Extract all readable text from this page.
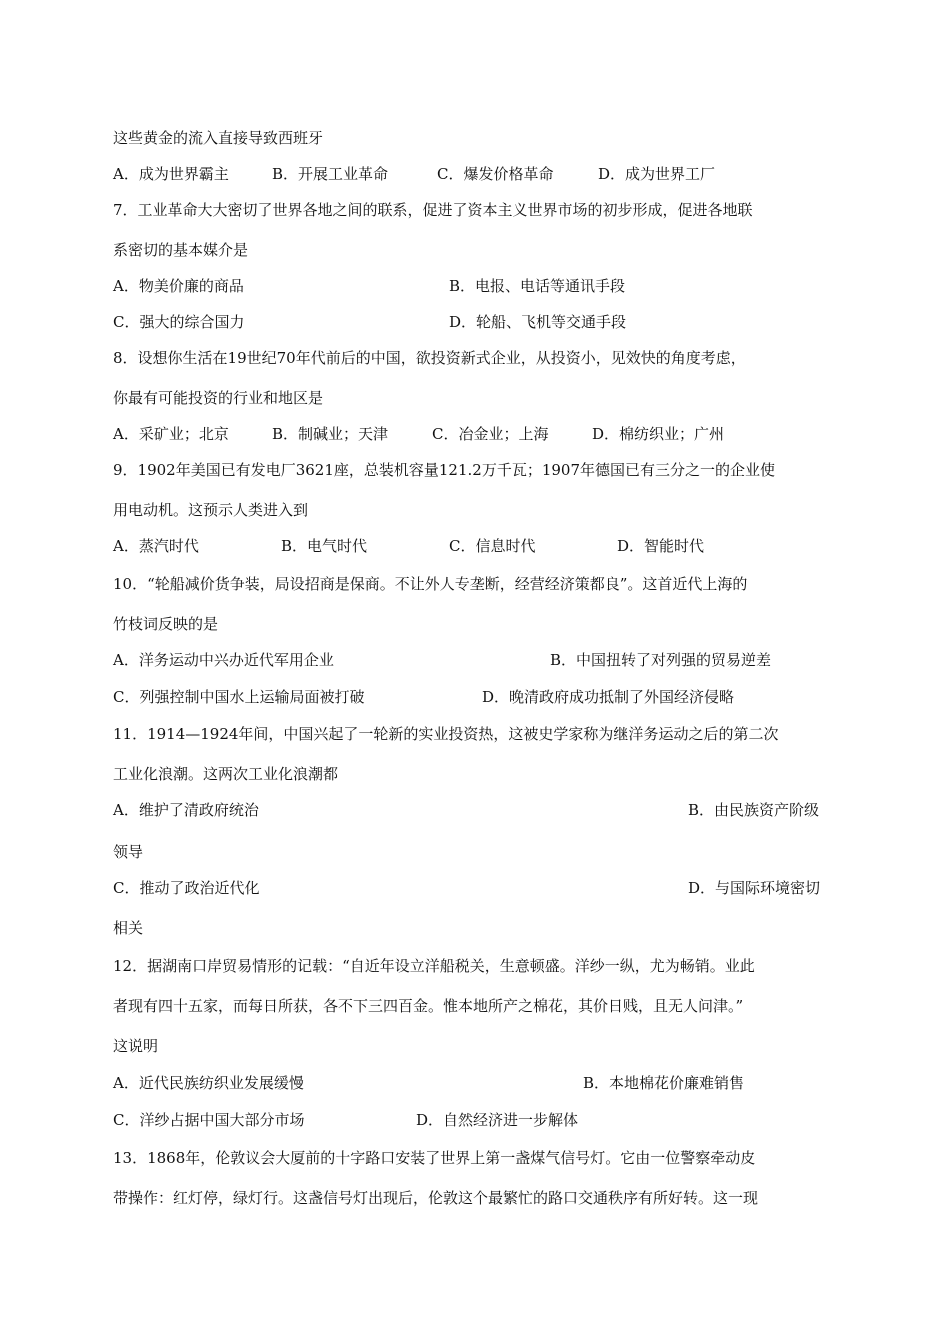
这些黄金的流入直接导致西班牙
A．成为世界霸主	B．开展工业革命	C．爆发价格革命	D．成为世界工厂
7．工业革命大大密切了世界各地之间的联系，促进了资本主义世界市场的初步形成，促进各地联
系密切的基本媒介是
A．物美价廉的商品	B．电报、电话等通讯手段
C．强大的综合国力	D．轮船、飞机等交通手段
8．设想你生活在19世纪70年代前后的中国，欲投资新式企业，从投资小，见效快的角度考虑，
你最有可能投资的行业和地区是
A．采矿业；北京	B．制碱业；天津	C．冶金业；上海	D．棉纺织业；广州
9．1902年美国已有发电厂3621座，总装机容量121.2万千瓦；1907年德国已有三分之一的企业使
用电动机。这预示人类进入到
A．蒸汽时代	B．电气时代	C．信息时代	D．智能时代
10．“轮船减价货争装，局设招商是保商。不让外人专垄断，经营经济策都良”。这首近代上海的
竹枝词反映的是
A．洋务运动中兴办近代军用企业	B．中国扭转了对列强的贸易逆差
C．列强控制中国水上运输局面被打破	D．晚清政府成功抵制了外国经济侵略
11．1914—1924年间，中国兴起了一轮新的实业投资热，这被史学家称为继洋务运动之后的第二次
工业化浪潮。这两次工业化浪潮都
A．维护了清政府统治	B．由民族资产阶级
领导
C．推动了政治近代化	D．与国际环境密切
相关
12．据湖南口岸贸易情形的记载：“自近年设立洋船税关，生意顿盛。洋纱一纵，尤为畅销。业此
者现有四十五家，而每日所获，各不下三四百金。惟本地所产之棉花，其价日贱，且无人问津。”
这说明
A．近代民族纺织业发展缓慢	B．本地棉花价廉难销售
C．洋纱占据中国大部分市场	D．自然经济进一步解体
13．1868年，伦敦议会大厦前的十字路口安装了世界上第一盏煤气信号灯。它由一位警察牵动皮
带操作：红灯停，绿灯行。这盏信号灯出现后，伦敦这个最繁忙的路口交通秩序有所好转。这一现
